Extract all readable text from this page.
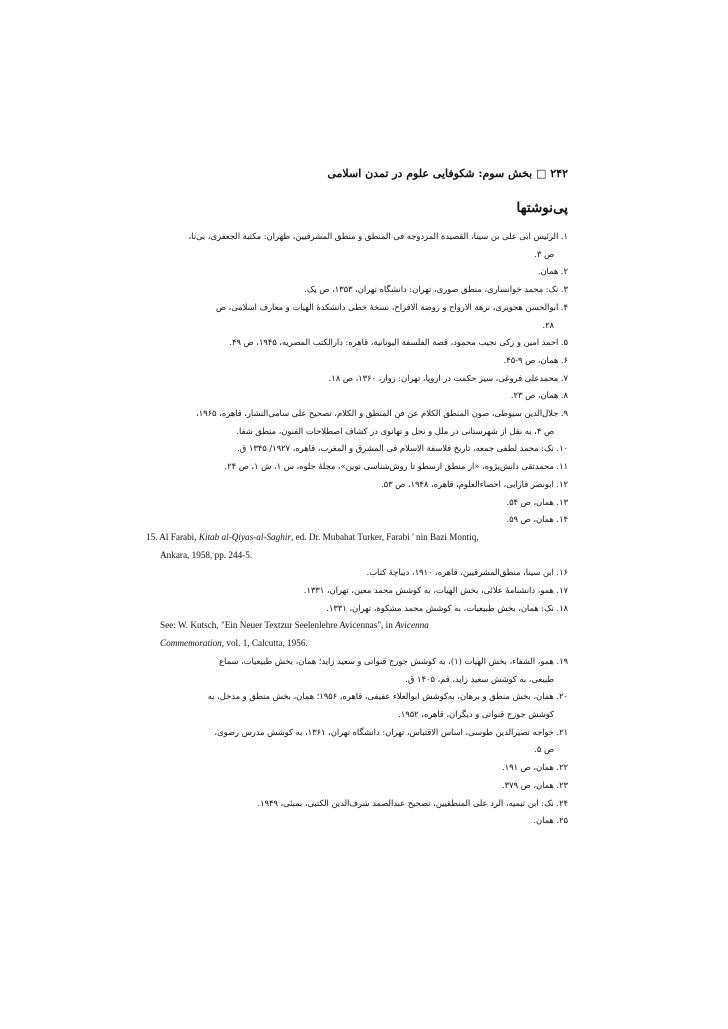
۲۴۲ □ بخش سوم: شکوفایی علوم در تمدن اسلامی
پی‌نوشتها
۱. الرئیس ابی علی بن سینا، القصیدة المزدوجه فی المنطق و منطق المشرقیین، طهران: مکتبة الجعفری، بی‌تا،
ص ۳.
۲. همان.
۳. نک: محمد خوانساری، منطق صوری، تهران: دانشگاه تهران، ۱۳۵۳، ص یک.
۴. ابوالحسن هجویری، نزهة الارواح و روضة الافراح، نسخهٔ خطی دانشکدهٔ الهیات و معارف اسلامی، ص
۲۸.
۵. احمد امین و زکی نجیب محمود، قصة الفلسفة الیونانیة، قاهره: دارالکتب المصریه، ۱۹۴۵، ص ۴۹.
۶. همان، ص ۹-۴۵.
۷. محمدعلی فروغی، سیر حکمت در اروپا، تهران: زوار، ۱۳۶۰، ص ۱۸.
۸. همان، ص ۲۳.
۹. جلال‌الدین سیوطی، صون المنطق الکلام عن فن المنطق و الکلام، تصحیح علی سامی‌النشار، قاهره، ۱۹۶۵،
ص ۴، به نقل از شهرستانی در ملل و نحل و تهانوی در کشاف اصطلاحات الفنون، منطق شفا.
۱۰. نک: محمد لطفی جمعه، تاریخ فلاسفة الاسلام فی المشرق و المغرب، قاهره، ۱۹۲۷/ ۱۳۴۵ ق.
۱۱. محمدتقی دانش‌پژوه، «از منطق ارسطو تا روش‌شناسی نوین»، مجلهٔ جلوه، س ۱، ش ۱، ص ۲۴.
۱۲. ابونصر فارابی، احصاءالعلوم، قاهره، ۱۹۴۸، ص ۵۳.
۱۳. همان، ص ۵۴.
۱۴. همان، ص ۵۹.
15. Al Farabi, Kitab al-Qiyas-al-Saghir, ed. Dr. Mubahat Turker, Farabi ' nin Bazi Montiq,
Ankara, 1958, pp. 244-5.
۱۶. ابن سینا، منطق‌المشرقیین، قاهره، ۱۹۱۰، دیباچهٔ کتاب.
۱۷. همو، دانشنامهٔ علائی، بخش الهیات، به کوشش محمد معین، تهران، ۱۳۳۱.
۱۸. نک: همان، بخش طبیعیات، به کوشش محمد مشکوة، تهران، ۱۳۳۱.
See: W. Kutsch, "Ein Neuer Textzur Seelenlehre Avicennas", in Avicenna
Commemoration, vol. 1, Calcutta, 1956.
۱۹. همو، الشفاء، بخش الهیات (۱)، به کوشش جورج قنواتی و سعید زاید؛ همان، بخش طبیعیات، سماع
طبیعی، به کوشش سعید زاید، قم، ۱۴۰۵ ق.
۲۰. همان، بخش منطق و برهان، به‌کوشش ابوالعلاء عفیفی، قاهره، ۱۹۵۶؛ همان، بخش منطق و مدخل، به
کوشش جورج قنواتی و دیگران، قاهره، ۱۹۵۲.
۲۱. خواجه نصیرالدین طوسی، اساس الاقتباس، تهران: دانشگاه تهران، ۱۳۶۱، به کوشش مدرس رضوی،
ص ۵.
۲۲. همان، ص ۱۹۱.
۲۳. همان، ص ۳۷۹.
۲۴. نک: ابن تیمیه، الرد علی المنطقیین، تصحیح عبدالصمد شرف‌الدین الکتبی، بمبئی، ۱۹۴۹.
۲۵. همان.
